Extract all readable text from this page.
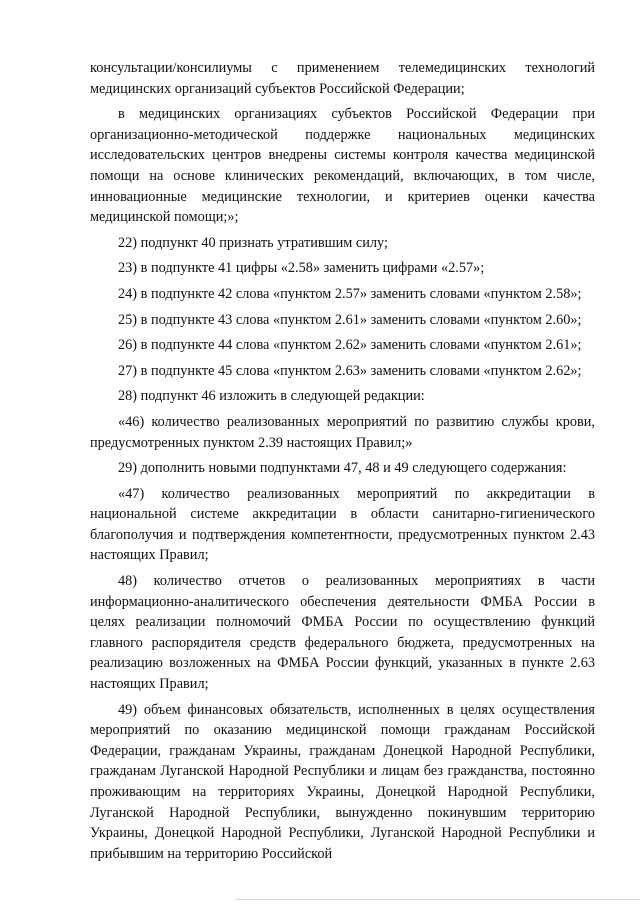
консультации/консилиумы с применением телемедицинских технологий медицинских организаций субъектов Российской Федерации;

в медицинских организациях субъектов Российской Федерации при организационно-методической поддержке национальных медицинских исследовательских центров внедрены системы контроля качества медицинской помощи на основе клинических рекомендаций, включающих, в том числе, инновационные медицинские технологии, и критериев оценки качества медицинской помощи;»;

22) подпункт 40 признать утратившим силу;

23) в подпункте 41 цифры «2.58» заменить цифрами «2.57»;

24) в подпункте 42 слова «пунктом 2.57» заменить словами «пунктом 2.58»;

25) в подпункте 43 слова «пунктом 2.61» заменить словами «пунктом 2.60»;

26) в подпункте 44 слова «пунктом 2.62» заменить словами «пунктом 2.61»;

27) в подпункте 45 слова «пунктом 2.63» заменить словами «пунктом 2.62»;

28) подпункт 46 изложить в следующей редакции:

«46) количество реализованных мероприятий по развитию службы крови, предусмотренных пунктом 2.39 настоящих Правил;»

29) дополнить новыми подпунктами 47, 48 и 49 следующего содержания:

«47) количество реализованных мероприятий по аккредитации в национальной системе аккредитации в области санитарно-гигиенического благополучия и подтверждения компетентности, предусмотренных пунктом 2.43 настоящих Правил;

48) количество отчетов о реализованных мероприятиях в части информационно-аналитического обеспечения деятельности ФМБА России в целях реализации полномочий ФМБА России по осуществлению функций главного распорядителя средств федерального бюджета, предусмотренных на реализацию возложенных на ФМБА России функций, указанных в пункте 2.63 настоящих Правил;

49) объем финансовых обязательств, исполненных в целях осуществления мероприятий по оказанию медицинской помощи гражданам Российской Федерации, гражданам Украины, гражданам Донецкой Народной Республики, гражданам Луганской Народной Республики и лицам без гражданства, постоянно проживающим на территориях Украины, Донецкой Народной Республики, Луганской Народной Республики, вынужденно покинувшим территорию Украины, Донецкой Народной Республики, Луганской Народной Республики и прибывшим на территорию Российской
